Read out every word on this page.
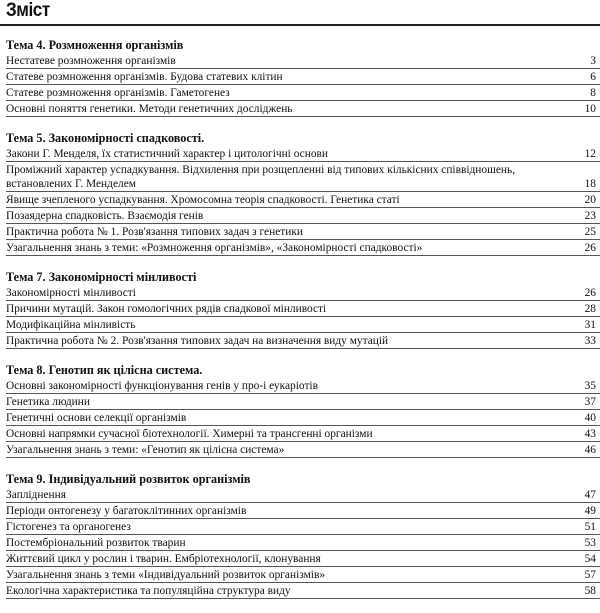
Зміст
Тема 4. Розмноження організмів
Нестатеве розмноження організмів	3
Статеве розмноження організмів. Будова статевих клітин	6
Статеве розмноження організмів. Гаметогенез	8
Основні поняття генетики. Методи генетичних досліджень	10
Тема 5. Закономірності спадковості.
Закони Г. Менделя, їх статистичний характер і цитологічні основи	12
Проміжний характер успадкування. Відхилення при розщепленні від типових кількісних співвідношень, встановлених Г. Менделем	18
Явище зчепленого успадкування. Хромосомна теорія спадковості. Генетика статі	20
Позаядерна спадковість. Взаємодія генів	23
Практична робота № 1. Розв'язання типових задач з генетики	25
Узагальнення знань з теми: «Розмноження організмів», «Закономірності спадковості»	26
Тема 7. Закономірності мінливості
Закономірності мінливості	26
Причини мутацій. Закон гомологічних рядів спадкової мінливості	28
Модифікаційна мінливість	31
Практична робота № 2. Розв'язання типових задач на визначення виду мутацій	33
Тема 8. Генотип як цілісна система.
Основні закономірності функціонування генів у про-і еукаріотів	35
Генетика людини	37
Генетичні основи селекції організмів	40
Основні напрямки сучасної біотехнології. Химерні та трансгенні організми	43
Узагальнення знань з теми: «Генотип як цілісна система»	46
Тема 9. Індивідуальний розвиток організмів
Запліднення	47
Періоди онтогенезу у багатоклітинних організмів	49
Гістогенез та органогенез	51
Постембріональний розвиток тварин	53
Життєвий цикл у рослин і тварин. Ембріотехнології, клонування	54
Узагальнення знань з теми «Індивідуальний розвиток організмів»	57
Екологічна характеристика та популяційна структура виду	58
